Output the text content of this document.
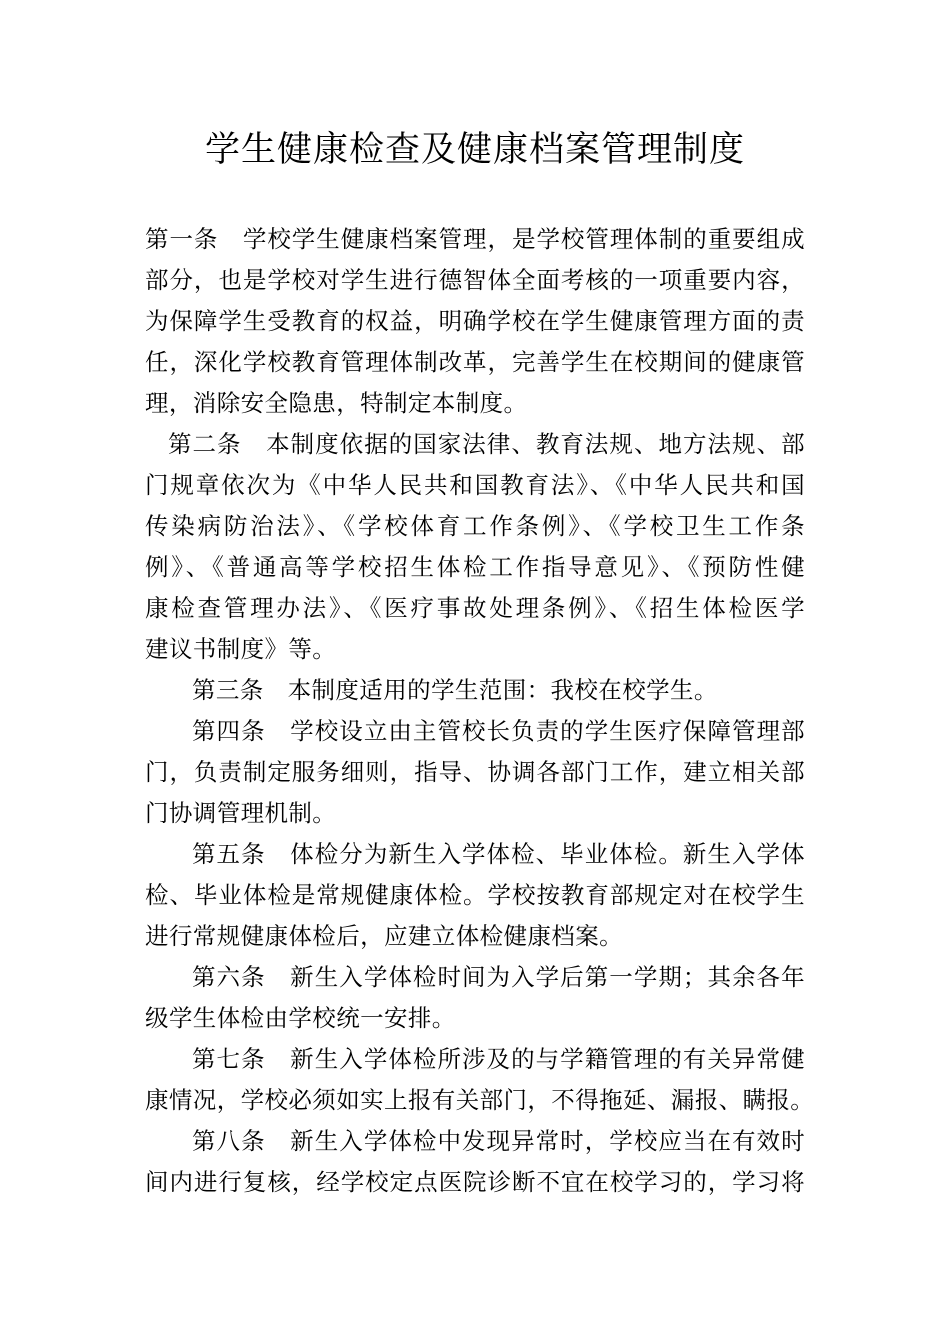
学生健康检查及健康档案管理制度
第一条　学校学生健康档案管理，是学校管理体制的重要组成
部分，也是学校对学生进行德智体全面考核的一项重要内容，
为保障学生受教育的权益，明确学校在学生健康管理方面的责
任，深化学校教育管理体制改革，完善学生在校期间的健康管
理，消除安全隐患，特制定本制度。
第二条　本制度依据的国家法律、教育法规、地方法规、部
门规章依次为《中华人民共和国教育法》、《中华人民共和国
传染病防治法》、《学校体育工作条例》、《学校卫生工作条
例》、《普通高等学校招生体检工作指导意见》、《预防性健
康检查管理办法》、《医疗事故处理条例》、《招生体检医学
建议书制度》等。
第三条　本制度适用的学生范围：我校在校学生。
第四条　学校设立由主管校长负责的学生医疗保障管理部
门，负责制定服务细则，指导、协调各部门工作，建立相关部
门协调管理机制。
第五条　体检分为新生入学体检、毕业体检。新生入学体
检、毕业体检是常规健康体检。学校按教育部规定对在校学生
进行常规健康体检后，应建立体检健康档案。
第六条　新生入学体检时间为入学后第一学期；其余各年
级学生体检由学校统一安排。
第七条　新生入学体检所涉及的与学籍管理的有关异常健
康情况，学校必须如实上报有关部门，不得拖延、漏报、瞒报。
第八条　新生入学体检中发现异常时，学校应当在有效时
间内进行复核，经学校定点医院诊断不宜在校学习的，学习将
